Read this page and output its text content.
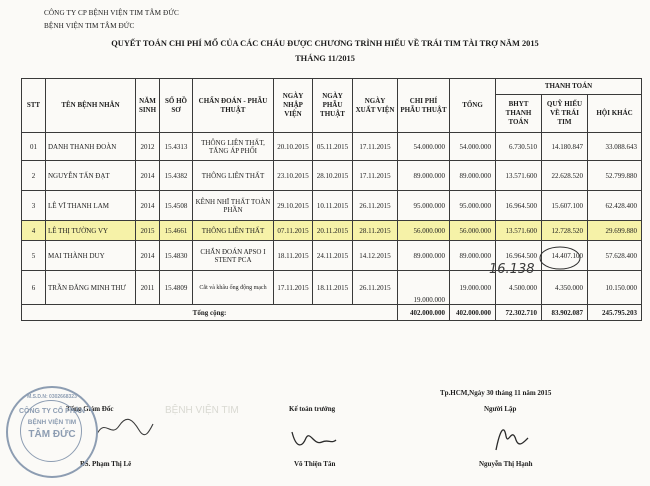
CÔNG TY CP BỆNH VIỆN TIM TÂM ĐỨC
BỆNH VIỆN TIM TÂM ĐỨC
QUYẾT TOÁN CHI PHÍ MỔ CỦA CÁC CHÁU ĐƯỢC CHƯƠNG TRÌNH HIẾU VỀ TRÁI TIM TÀI TRỢ NĂM 2015
THÁNG 11/2015
STT	TÊN BỆNH NHÂN	NĂM SINH	SỐ HỒ SƠ	CHẨN ĐOÁN - PHẪU THUẬT	NGÀY NHẬP VIỆN	NGÀY PHẪU THUẬT	NGÀY XUẤT VIỆN	CHI PHÍ PHẪU THUẬT	TỔNG	THANH TOÁN		
										BHYT THANH TOÁN	QUỸ HIẾU VỀ TRÁI TIM	HỘI KHÁC
01	DANH THANH ĐOÀN	2012	15.4313	THÔNG LIÊN THẤT, TĂNG ÁP PHỔI	20.10.2015	05.11.2015	17.11.2015	54.000.000	54.000.000	6.730.510	14.180.847	33.088.643
2	NGUYỄN TẤN ĐẠT	2014	15.4382	THÔNG LIÊN THẤT	23.10.2015	28.10.2015	17.11.2015	89.000.000	89.000.000	13.571.600	22.628.520	52.799.880
3	LÊ VĨ THANH LAM	2014	15.4508	KÊNH NHĨ THẤT TOÀN PHẦN	29.10.2015	10.11.2015	26.11.2015	95.000.000	95.000.000	16.964.500	15.607.100	62.428.400
4	LÊ THỊ TƯỜNG VY	2015	15.4661	THÔNG LIÊN THẤT	07.11.2015	20.11.2015	28.11.2015	56.000.000	56.000.000	13.571.600	12.728.520	29.699.880
5	MAI THÀNH DUY	2014	15.4830	CHẨN ĐOÁN APSO I STENT PCA	18.11.2015	24.11.2015	14.12.2015	89.000.000	89.000.000	16.964.500	14.407.100	57.628.400
6	TRẦN ĐĂNG MINH THƯ	2011	15.4809	Cắt và khâu ống động mạch	17.11.2015	18.11.2015	26.11.2015	19.000.000	19.000.000	4.500.000	4.350.000	10.150.000
Tổng cộng:								402.000.000	402.000.000	72.302.710	83.902.087	245.795.203
16.138
BỆNH VIỆN TIM
Tp.HCM,Ngày 30 tháng 11 năm 2015
Tổng Giám Đốc	Kế toán trưởng	Người Lập
BS. Phạm Thị Lê	Võ Thiện Tân	Nguyễn Thị Hạnh
CÔNG TY CỔ PHẦN
BỆNH VIỆN TIM
TÂM ĐỨC
M.S.D.N: 0302668323
